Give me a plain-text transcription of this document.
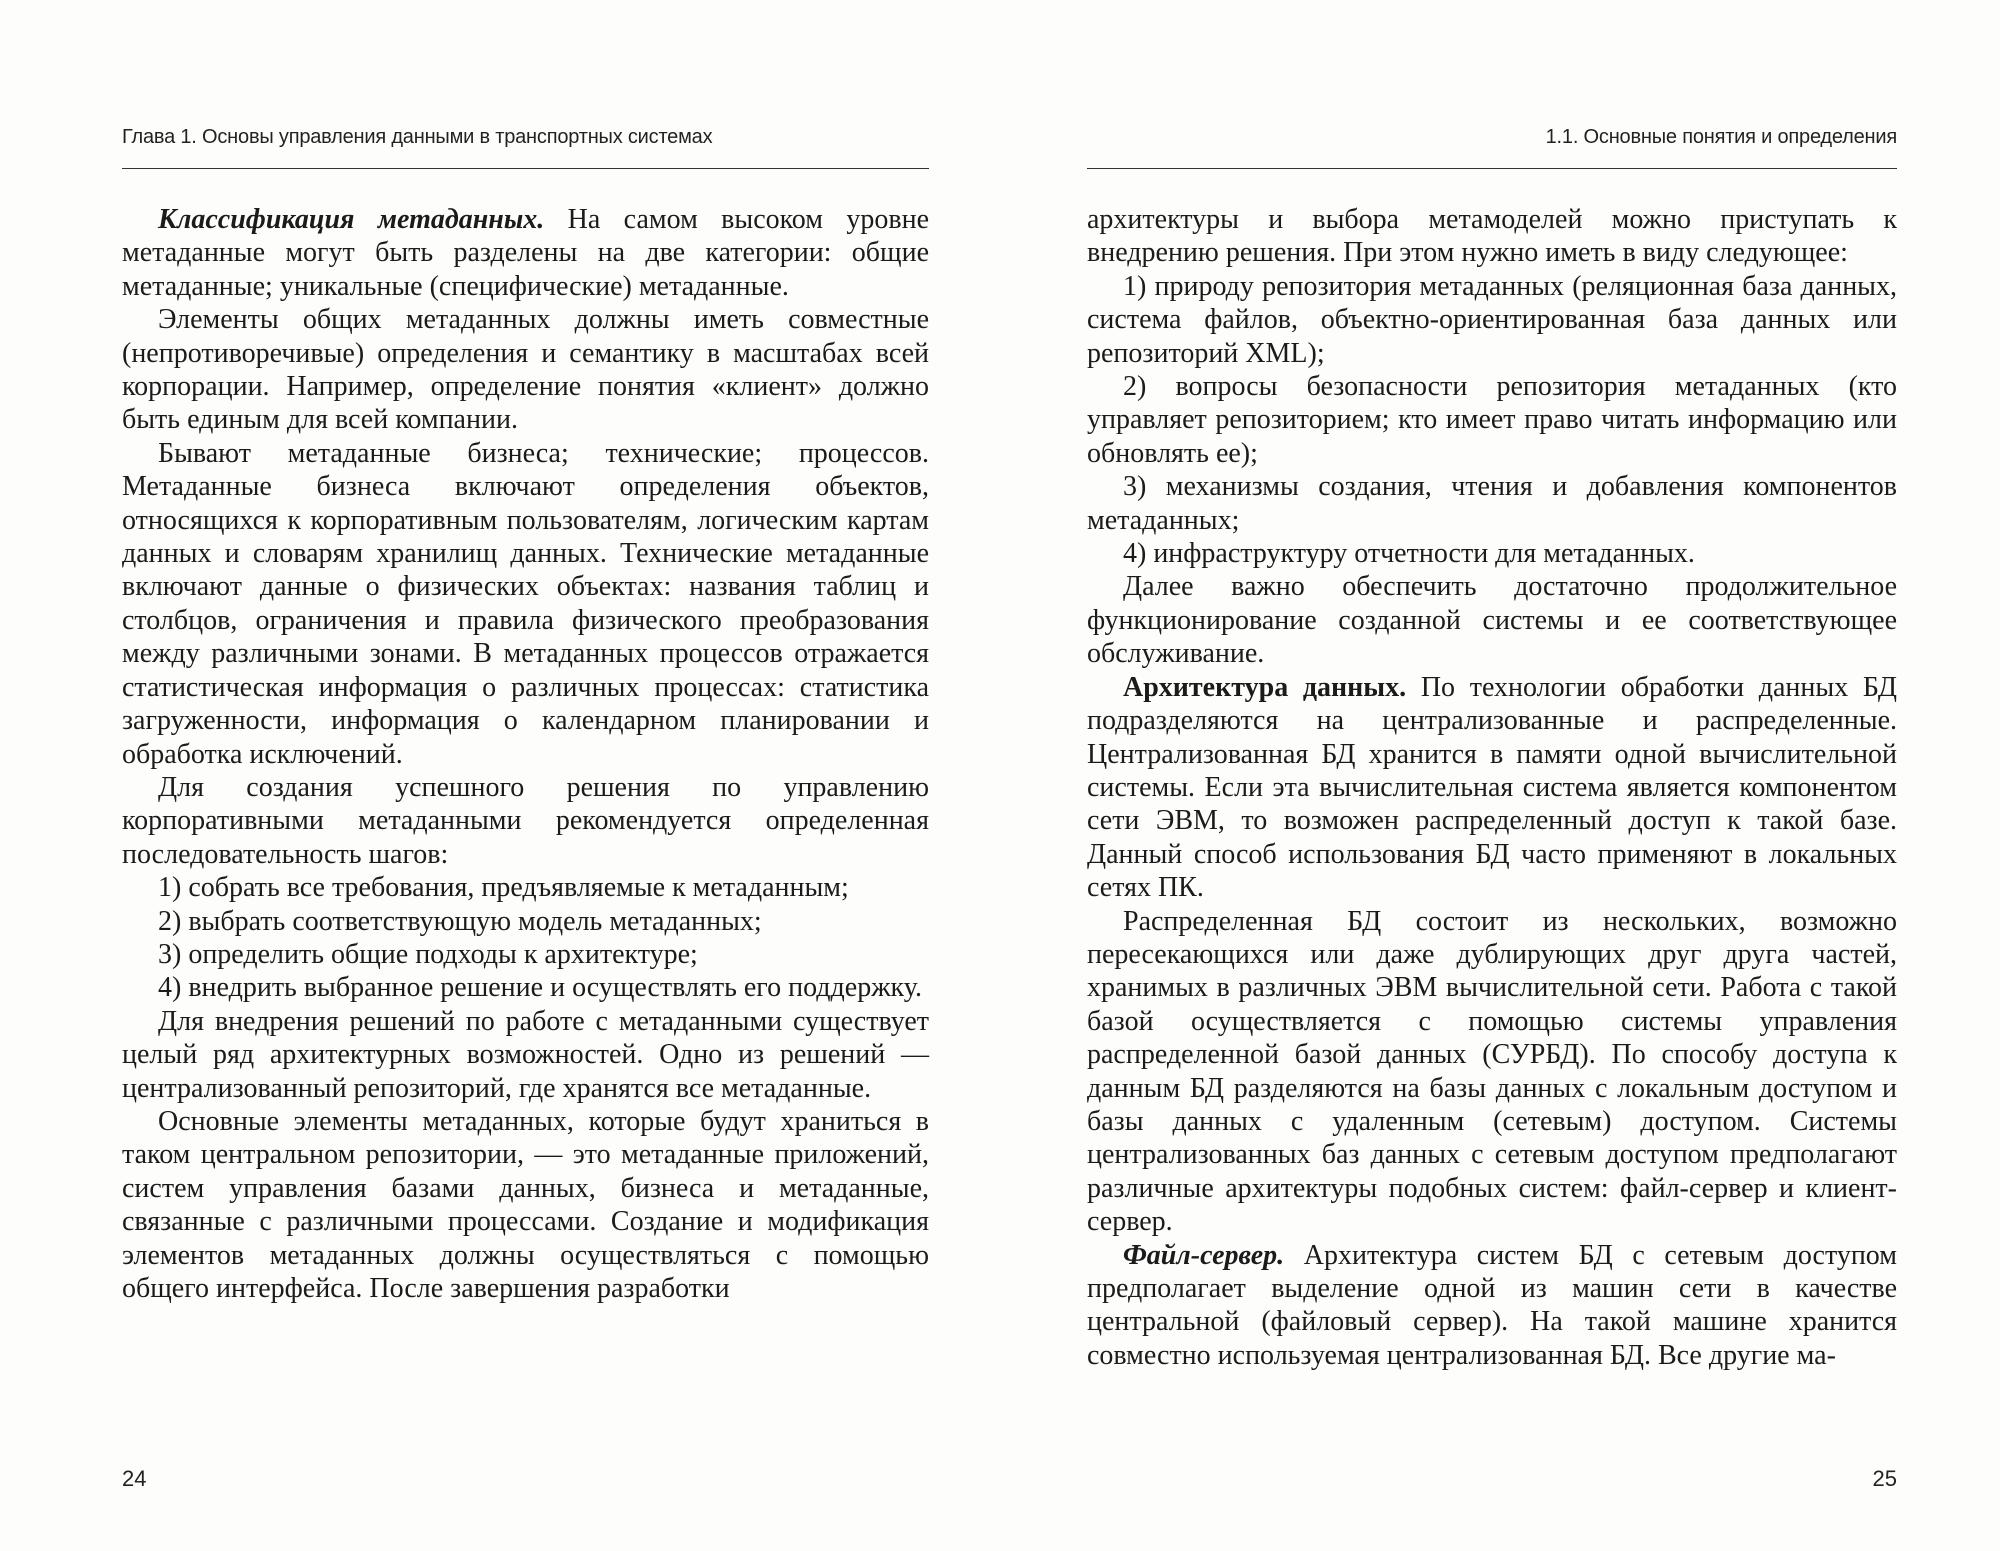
Глава 1. Основы управления данными в транспортных системах

Классификация метаданных. На самом высоком уровне метаданные могут быть разделены на две категории: общие метаданные; уникальные (специфические) метаданные.

Элементы общих метаданных должны иметь совместные (непротиворечивые) определения и семантику в масштабах всей корпорации. Например, определение понятия «клиент» должно быть единым для всей компании.

Бывают метаданные бизнеса; технические; процессов. Метаданные бизнеса включают определения объектов, относящихся к корпоративным пользователям, логическим картам данных и словарям хранилищ данных. Технические метаданные включают данные о физических объектах: названия таблиц и столбцов, ограничения и правила физического преобразования между различными зонами. В метаданных процессов отражается статистическая информация о различных процессах: статистика загруженности, информация о календарном планировании и обработка исключений.

Для создания успешного решения по управлению корпоративными метаданными рекомендуется определенная последовательность шагов:

1) собрать все требования, предъявляемые к метаданным;

2) выбрать соответствующую модель метаданных;

3) определить общие подходы к архитектуре;

4) внедрить выбранное решение и осуществлять его поддержку.

Для внедрения решений по работе с метаданными существует целый ряд архитектурных возможностей. Одно из решений — централизованный репозиторий, где хранятся все метаданные.

Основные элементы метаданных, которые будут храниться в таком центральном репозитории, — это метаданные приложений, систем управления базами данных, бизнеса и метаданные, связанные с различными процессами. Создание и модификация элементов метаданных должны осуществляться с помощью общего интерфейса. После завершения разработки

24
1.1. Основные понятия и определения

архитектуры и выбора метамоделей можно приступать к внедрению решения. При этом нужно иметь в виду следующее:

1) природу репозитория метаданных (реляционная база данных, система файлов, объектно-ориентированная база данных или репозиторий XML);

2) вопросы безопасности репозитория метаданных (кто управляет репозиторием; кто имеет право читать информацию или обновлять ее);

3) механизмы создания, чтения и добавления компонентов метаданных;

4) инфраструктуру отчетности для метаданных.

Далее важно обеспечить достаточно продолжительное функционирование созданной системы и ее соответствующее обслуживание.

Архитектура данных. По технологии обработки данных БД подразделяются на централизованные и распределенные. Централизованная БД хранится в памяти одной вычислительной системы. Если эта вычислительная система является компонентом сети ЭВМ, то возможен распределенный доступ к такой базе. Данный способ использования БД часто применяют в локальных сетях ПК.

Распределенная БД состоит из нескольких, возможно пересекающихся или даже дублирующих друг друга частей, хранимых в различных ЭВМ вычислительной сети. Работа с такой базой осуществляется с помощью системы управления распределенной базой данных (СУРБД). По способу доступа к данным БД разделяются на базы данных с локальным доступом и базы данных с удаленным (сетевым) доступом. Системы централизованных баз данных с сетевым доступом предполагают различные архитектуры подобных систем: файл-сервер и клиент-сервер.

Файл-сервер. Архитектура систем БД с сетевым доступом предполагает выделение одной из машин сети в качестве центральной (файловый сервер). На такой машине хранится совместно используемая централизованная БД. Все другие ма-

25
